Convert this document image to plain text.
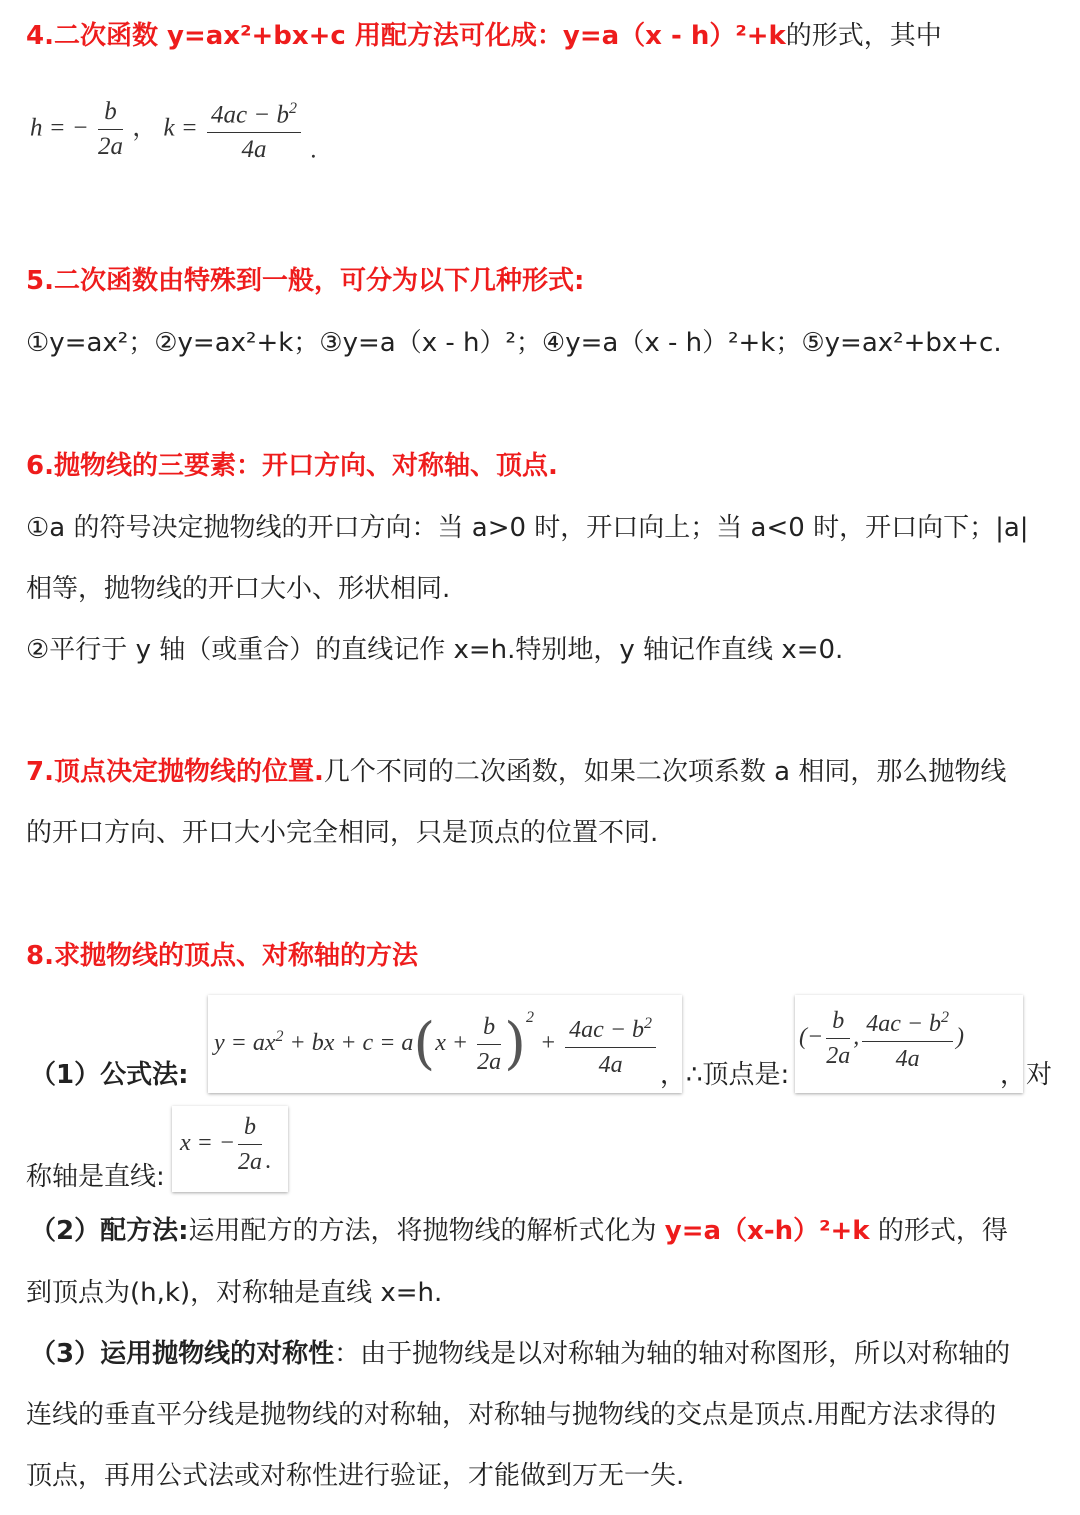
4.二次函数 y=ax²+bx+c 用配方法可化成：y=a（x - h）²+k的形式，其中
h = − $\frac{b}{2a}$ ， $k = \frac{4ac - b^2}{4a}$ .
5.二次函数由特殊到一般，可分为以下几种形式:
①y=ax²；②y=ax²+k；③y=a（x - h）²；④y=a（x - h）²+k；⑤y=ax²+bx+c.
6.抛物线的三要素：开口方向、对称轴、顶点.
①a 的符号决定抛物线的开口方向：当 a>0 时，开口向上；当 a<0 时，开口向下；|a|
相等，抛物线的开口大小、形状相同.
②平行于 y 轴（或重合）的直线记作 x=h.特别地，y 轴记作直线 x=0.
7.顶点决定抛物线的位置.几个不同的二次函数，如果二次项系数 a 相同，那么抛物线
的开口方向、开口大小完全相同，只是顶点的位置不同.
8.求抛物线的顶点、对称轴的方法
（1）公式法:
$y = ax^2$ + bx + $c = a(x + \frac{b}{2a} )^2 + \frac{4ac - b^2}{4a}$ ，∴顶点是:
(− $\frac{b}{2a}$ , $\frac{4ac - b^2}{4a}$ )
，对
称轴是直线:
x = − $\frac{b}{2a}$ .
（2）配方法:运用配方的方法，将抛物线的解析式化为 y=a（x-h）²+k 的形式，得
到顶点为(h,k)，对称轴是直线 x=h.
（3）运用抛物线的对称性：由于抛物线是以对称轴为轴的轴对称图形，所以对称轴的
连线的垂直平分线是抛物线的对称轴，对称轴与抛物线的交点是顶点.用配方法求得的
顶点，再用公式法或对称性进行验证，才能做到万无一失.
